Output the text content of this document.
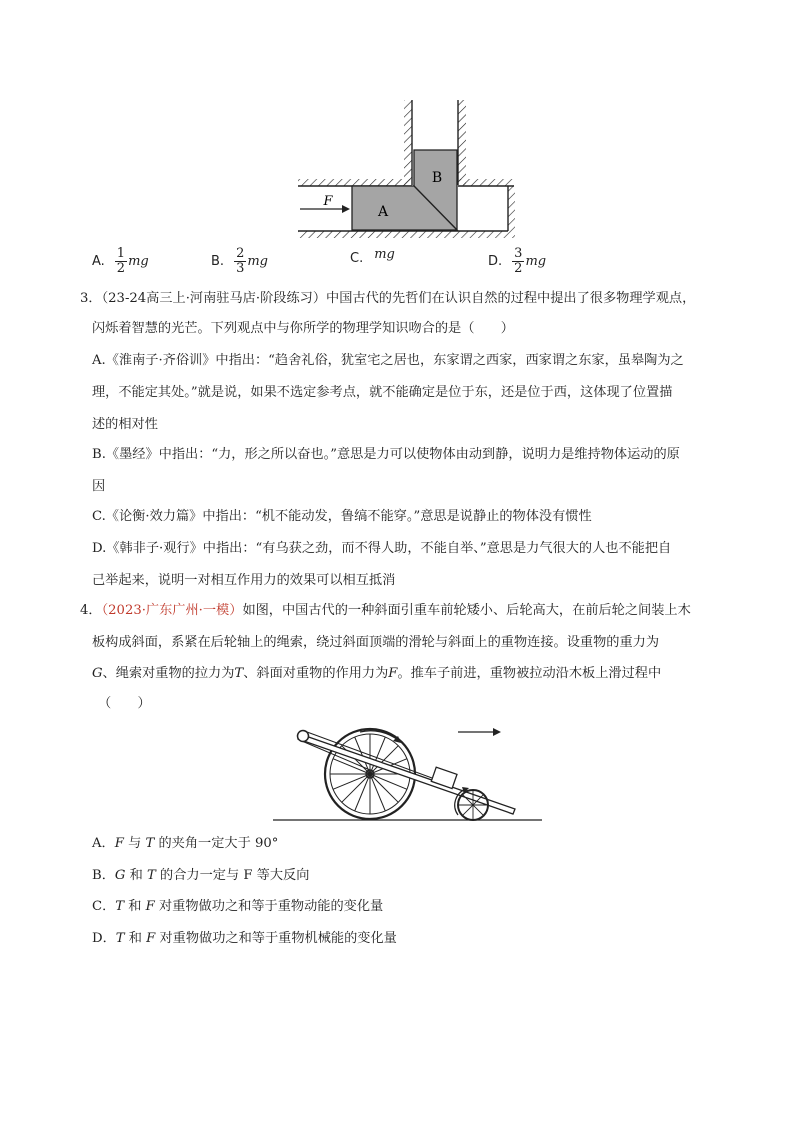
B
A
F
A. $\frac{1}{2}$ mg	B. $\frac{2}{3}$ mg	C. mg	D. $\frac{3}{2}$ mg
3．（23-24高三上·河南驻马店·阶段练习）中国古代的先哲们在认识自然的过程中提出了很多物理学观点，
闪烁着智慧的光芒。下列观点中与你所学的物理学知识吻合的是（　　）
A.《淮南子·齐俗训》中指出：“趋舍礼俗，犹室宅之居也，东家谓之西家，西家谓之东家，虽皋陶为之
理，不能定其处。”就是说，如果不选定参考点，就不能确定是位于东，还是位于西，这体现了位置描
述的相对性
B.《墨经》中指出：“力，形之所以奋也。”意思是力可以使物体由动到静，说明力是维持物体运动的原
因
C.《论衡·效力篇》中指出：“机不能动发，鲁缟不能穿。”意思是说静止的物体没有惯性
D.《韩非子·观行》中指出：“有乌获之劲，而不得人助，不能自举、”意思是力气很大的人也不能把自
己举起来，说明一对相互作用力的效果可以相互抵消
4．（2023·广东广州·一模）如图，中国古代的一种斜面引重车前轮矮小、后轮高大，在前后轮之间装上木
板构成斜面，系紧在后轮轴上的绳索，绕过斜面顶端的滑轮与斜面上的重物连接。设重物的重力为
G、绳索对重物的拉力为T、斜面对重物的作用力为F。推车子前进，重物被拉动沿木板上滑过程中
（　　）
A．F 与 T 的夹角一定大于 90°
B．G 和 T 的合力一定与 F 等大反向
C．T 和 F 对重物做功之和等于重物动能的变化量
D．T 和 F 对重物做功之和等于重物机械能的变化量
